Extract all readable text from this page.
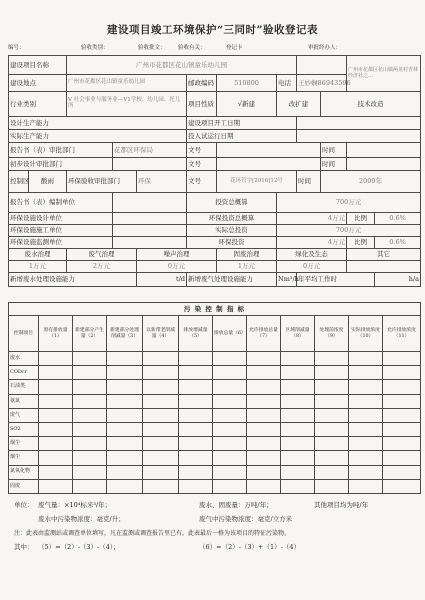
建设项目竣工环境保护“三同时”验收登记表
编号：	验收类别：	验收批文： 验收有关：	登记卡	审批经办人：
建设项目名称		广州市花都区花山镇童乐幼儿园								广州市花都区花山镇两龙村青林经济社之…	
建设地点		广州市花都区花山镇童乐幼儿园			邮政编码	510800	电话	王妙娴86943596			
行业类别		V 社会事业与服务业—V1学校、幼儿园、托儿所			项目性质	√新建	改扩建		技术改造		
设计生产能力					建设项目开工日期						
实际生产能力					投入试运行日期						
报告书（表）审批部门			花都区环保局		文号				时间		
初步设计审批部门					文号				时间		
控制区	酸雨	环保验收审批部门		环保	文号	花环管字[2016]12号		时间	2009年		
报告书（表）编制单位					投资总概算		700万元				
环保设施设计单位					环保投资总概算		4万元			比例	0.6%
环保设施施工单位					实际总投资		700万元				
环保设施监测单位					环保投资		4万元			比例	0.6%
废水治理		废气治理		噪声治理		固废治理	绿化及生态			其它	
1万元		2万元		0万元		1万元	0万元				
新增废水处理设施能力				t/d	新增废气处理设施能力		Nm³/h	年平均工作时			h/a
污 染 控 制 指 标											
控制项目	原有排放量（1）	新建部分产生量（2）	新建部分处理削减量（3）	以新带老削减量（4）	排放增减量（5）	排放总量（6）	允许排放总量（7）	区域削减量（8）	处理前浓度（9）	实际排放浓度（10）	允许排放浓度（11）
废水											
CODcr											
石油类											
氨氮											
废气											
SO2											
烟尘											
烟尘											
氮氧化物											
固废											
单位： 废气量：×10⁴标米³/年；	废水、固废量：万吨/年；	其他项目均为吨/年
废水中污染物浓度：毫克/升；	废气中污染物浓度：毫克/立方米
注：此表由监测站或调查单位填写，凡在监测或调查报告里已有，此表最后一格为该项目的特征污染物。
其中： （5）=（2）-（3）-（4）；	（6）=（2）-（3）+（1）-（4）
